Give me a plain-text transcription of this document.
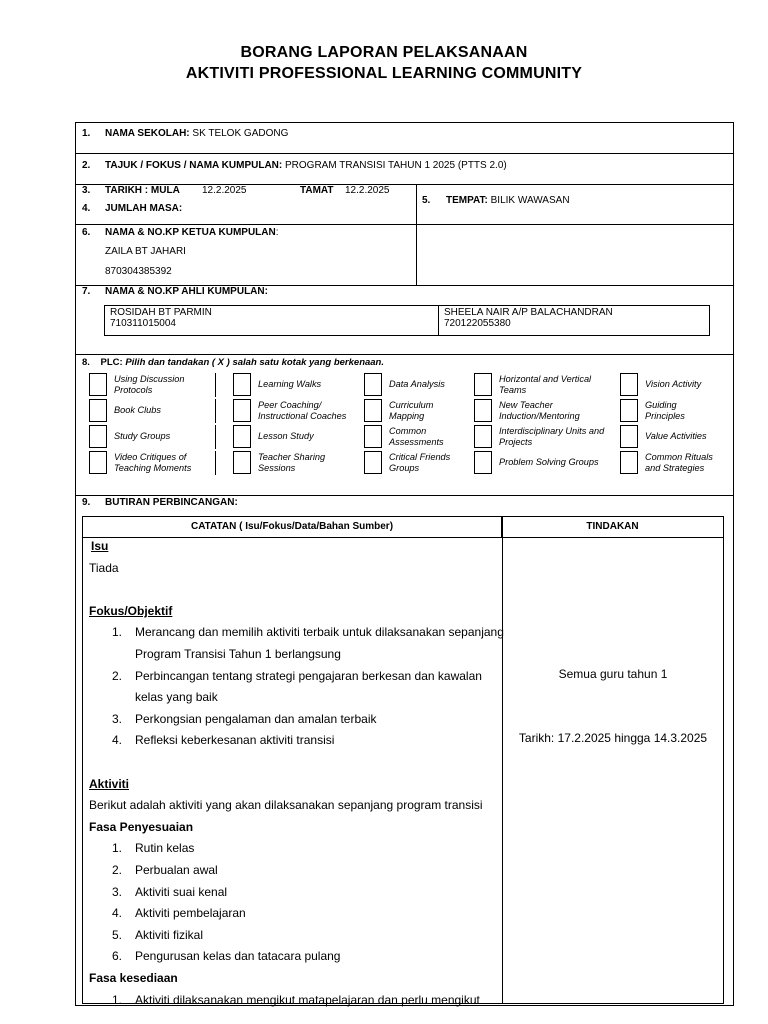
BORANG LAPORAN PELAKSANAAN
AKTIVITI PROFESSIONAL LEARNING COMMUNITY
1. NAMA SEKOLAH: SK TELOK GADONG
2. TAJUK / FOKUS / NAMA KUMPULAN: PROGRAM TRANSISI TAHUN 1 2025 (PTTS 2.0)
3. TARIKH : MULA 12.2.2025	TAMAT 12.2.2025
4. JUMLAH MASA:
5. TEMPAT: BILIK WAWASAN
6. NAMA & NO.KP KETUA KUMPULAN:
ZAILA BT JAHARI
870304385392
7. NAMA & NO.KP AHLI KUMPULAN:
ROSIDAH BT PARMIN
710311015004
SHEELA NAIR A/P BALACHANDRAN
720122055380
8. PLC: Pilih dan tandakan ( X ) salah satu kotak yang berkenaan.
Using Discussion
Protocols
Book Clubs
Study Groups
Video Critiques of
Teaching Moments
Learning Walks
Peer Coaching/
Instructional Coaches
Lesson Study
Teacher Sharing
Sessions
Data Analysis
Curriculum
Mapping
Common
Assessments
Critical Friends
Groups
Horizontal and Vertical
Teams
New Teacher
Induction/Mentoring
Interdisciplinary Units and
Projects
Problem Solving Groups
Vision Activity
Guiding
Principles
Value Activities
Common Rituals
and Strategies
9. BUTIRAN PERBINCANGAN:
CATATAN ( Isu/Fokus/Data/Bahan Sumber)	TINDAKAN
Isu
Tiada
Fokus/Objektif
1. Merancang dan memilih aktiviti terbaik untuk dilaksanakan sepanjang
Program Transisi Tahun 1 berlangsung
2. Perbincangan tentang strategi pengajaran berkesan dan kawalan
kelas yang baik
3. Perkongsian pengalaman dan amalan terbaik
4. Refleksi keberkesanan aktiviti transisi
Aktiviti
Berikut adalah aktiviti yang akan dilaksanakan sepanjang program transisi
Fasa Penyesuaian
1. Rutin kelas
2. Perbualan awal
3. Aktiviti suai kenal
4. Aktiviti pembelajaran
5. Aktiviti fizikal
6. Pengurusan kelas dan tatacara pulang
Fasa kesediaan
1. Aktiviti dilaksanakan mengikut matapelajaran dan perlu mengikut
Semua guru tahun 1
Tarikh: 17.2.2025 hingga 14.3.2025
